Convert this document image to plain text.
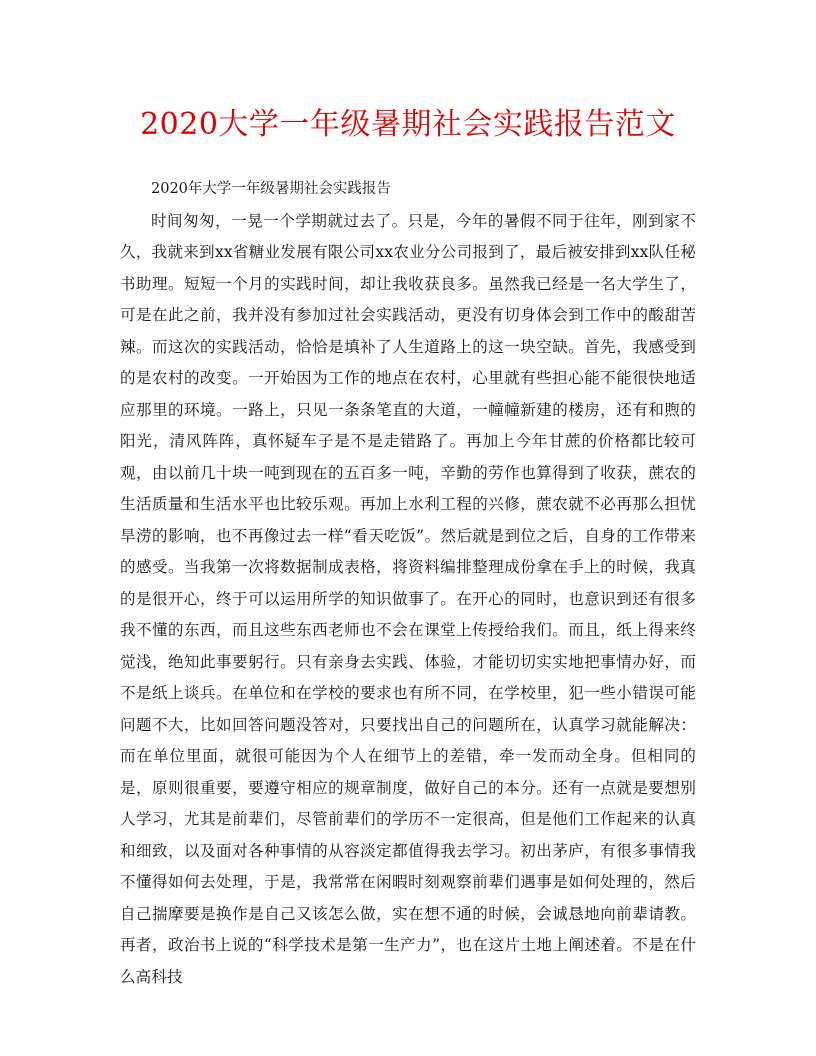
2020大学一年级暑期社会实践报告范文

2020年大学一年级暑期社会实践报告

时间匆匆，一晃一个学期就过去了。只是，今年的暑假不同于往年，刚到家不久，我就来到xx省糖业发展有限公司xx农业分公司报到了，最后被安排到xx队任秘书助理。短短一个月的实践时间，却让我收获良多。虽然我已经是一名大学生了，可是在此之前，我并没有参加过社会实践活动，更没有切身体会到工作中的酸甜苦辣。而这次的实践活动，恰恰是填补了人生道路上的这一块空缺。首先，我感受到的是农村的改变。一开始因为工作的地点在农村，心里就有些担心能不能很快地适应那里的环境。一路上，只见一条条笔直的大道，一幢幢新建的楼房，还有和煦的阳光，清风阵阵，真怀疑车子是不是走错路了。再加上今年甘蔗的价格都比较可观，由以前几十块一吨到现在的五百多一吨，辛勤的劳作也算得到了收获，蔗农的生活质量和生活水平也比较乐观。再加上水利工程的兴修，蔗农就不必再那么担忧旱涝的影响，也不再像过去一样“看天吃饭”。然后就是到位之后，自身的工作带来的感受。当我第一次将数据制成表格，将资料编排整理成份拿在手上的时候，我真的是很开心，终于可以运用所学的知识做事了。在开心的同时，也意识到还有很多我不懂的东西，而且这些东西老师也不会在课堂上传授给我们。而且，纸上得来终觉浅，绝知此事要躬行。只有亲身去实践、体验，才能切切实实地把事情办好，而不是纸上谈兵。在单位和在学校的要求也有所不同，在学校里，犯一些小错误可能问题不大，比如回答问题没答对，只要找出自己的问题所在，认真学习就能解决：而在单位里面，就很可能因为个人在细节上的差错，牵一发而动全身。但相同的是，原则很重要，要遵守相应的规章制度，做好自己的本分。还有一点就是要想别人学习，尤其是前辈们，尽管前辈们的学历不一定很高，但是他们工作起来的认真和细致，以及面对各种事情的从容淡定都值得我去学习。初出茅庐，有很多事情我不懂得如何去处理，于是，我常常在闲暇时刻观察前辈们遇事是如何处理的，然后自己揣摩要是换作是自己又该怎么做，实在想不通的时候，会诚恳地向前辈请教。再者，政治书上说的“科学技术是第一生产力”，也在这片土地上阐述着。不是在什么高科技
